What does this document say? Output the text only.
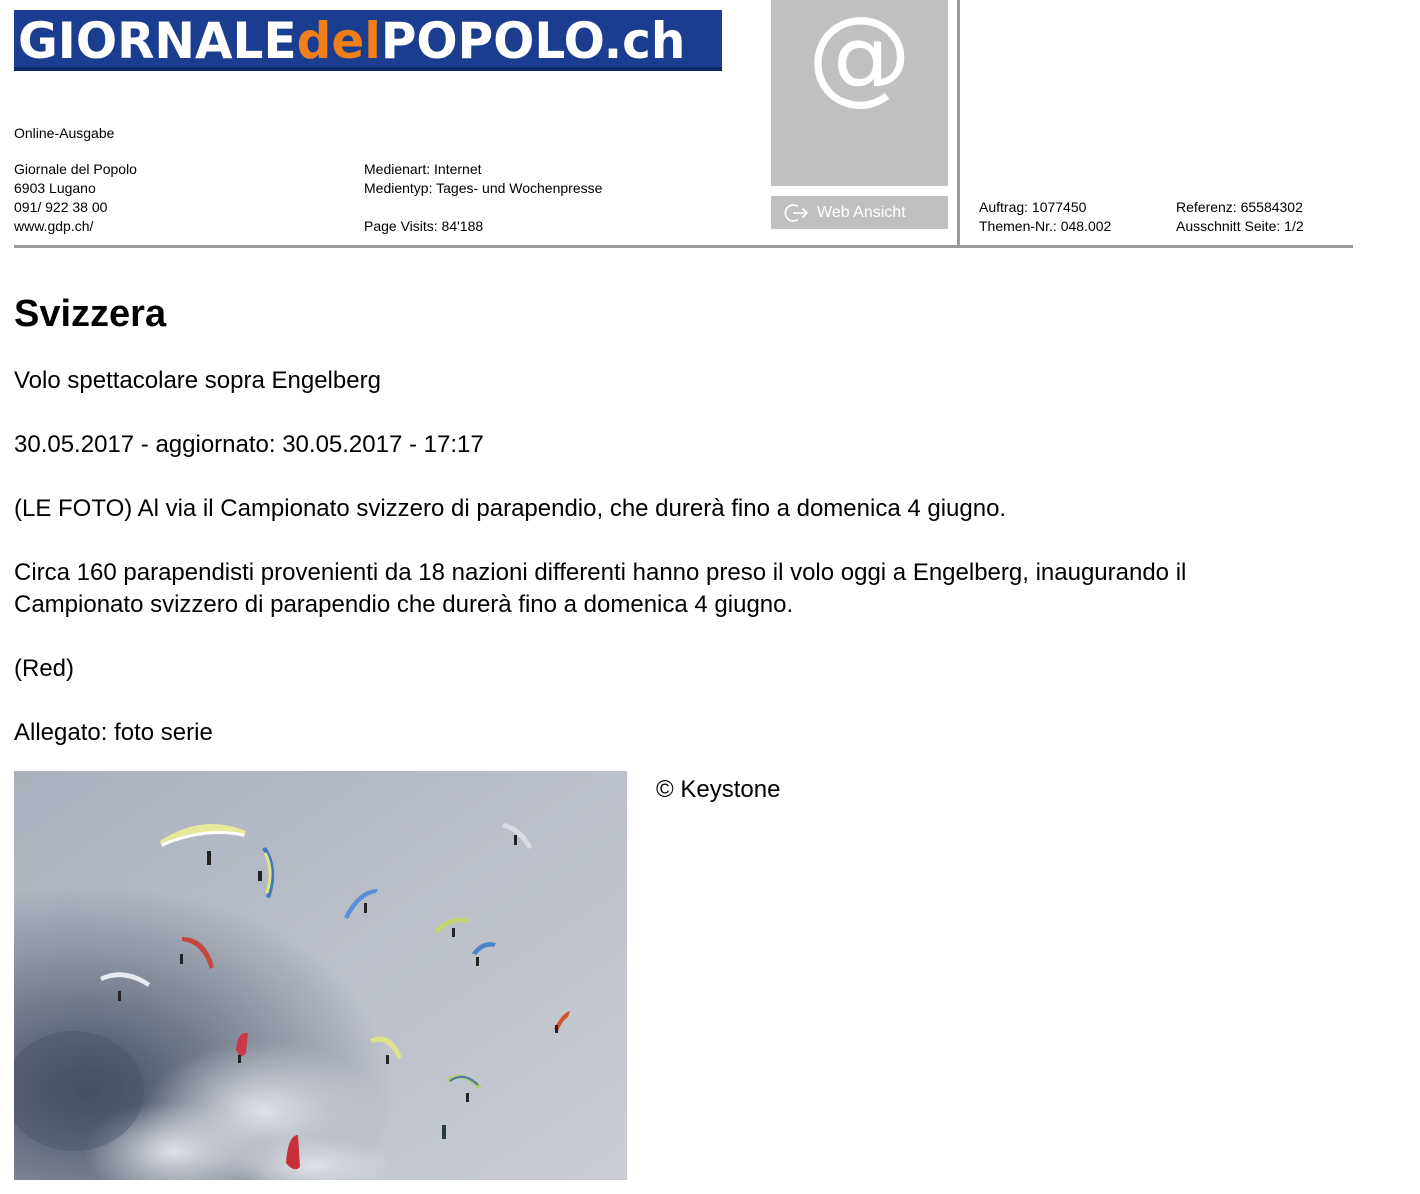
GIORNALEdelPOPOLO.ch
Online-Ausgabe
Giornale del Popolo
6903 Lugano
091/ 922 38 00
www.gdp.ch/
Medienart: Internet
Medientyp: Tages- und Wochenpresse
Page Visits: 84'188
@
Web Ansicht	Auftrag: 1077450
Themen-Nr.: 048.002
Referenz: 65584302
Ausschnitt Seite: 1/2
Svizzera
Volo spettacolare sopra Engelberg
30.05.2017 - aggiornato: 30.05.2017 - 17:17
(LE FOTO) Al via il Campionato svizzero di parapendio, che durerà fino a domenica 4 giugno.
Circa 160 parapendisti provenienti da 18 nazioni differenti hanno preso il volo oggi a Engelberg, inaugurando il
Campionato svizzero di parapendio che durerà fino a domenica 4 giugno.
(Red)
Allegato: foto serie
© Keystone
